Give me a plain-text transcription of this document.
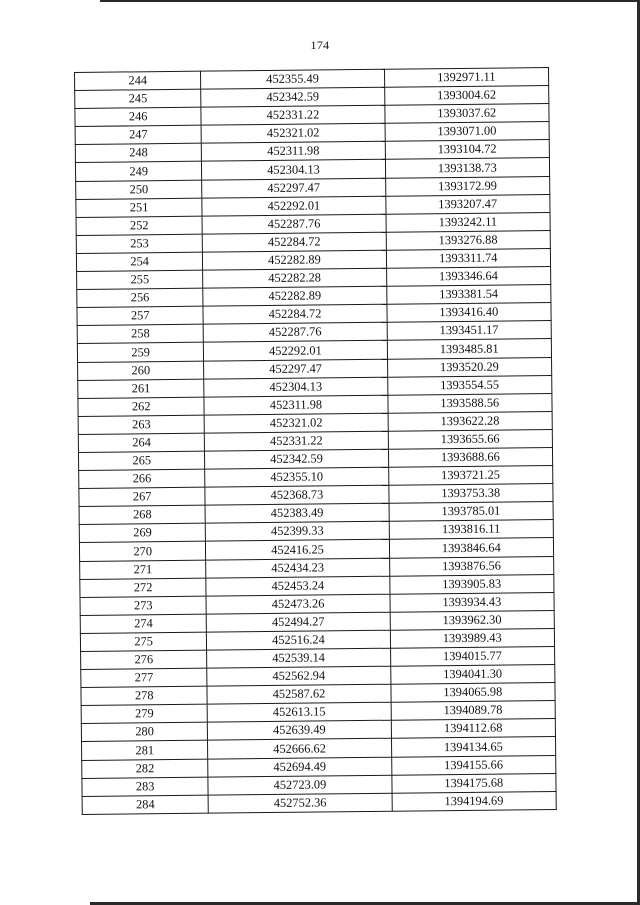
174
244	452355.49	1392971.11
245	452342.59	1393004.62
246	452331.22	1393037.62
247	452321.02	1393071.00
248	452311.98	1393104.72
249	452304.13	1393138.73
250	452297.47	1393172.99
251	452292.01	1393207.47
252	452287.76	1393242.11
253	452284.72	1393276.88
254	452282.89	1393311.74
255	452282.28	1393346.64
256	452282.89	1393381.54
257	452284.72	1393416.40
258	452287.76	1393451.17
259	452292.01	1393485.81
260	452297.47	1393520.29
261	452304.13	1393554.55
262	452311.98	1393588.56
263	452321.02	1393622.28
264	452331.22	1393655.66
265	452342.59	1393688.66
266	452355.10	1393721.25
267	452368.73	1393753.38
268	452383.49	1393785.01
269	452399.33	1393816.11
270	452416.25	1393846.64
271	452434.23	1393876.56
272	452453.24	1393905.83
273	452473.26	1393934.43
274	452494.27	1393962.30
275	452516.24	1393989.43
276	452539.14	1394015.77
277	452562.94	1394041.30
278	452587.62	1394065.98
279	452613.15	1394089.78
280	452639.49	1394112.68
281	452666.62	1394134.65
282	452694.49	1394155.66
283	452723.09	1394175.68
284	452752.36	1394194.69
